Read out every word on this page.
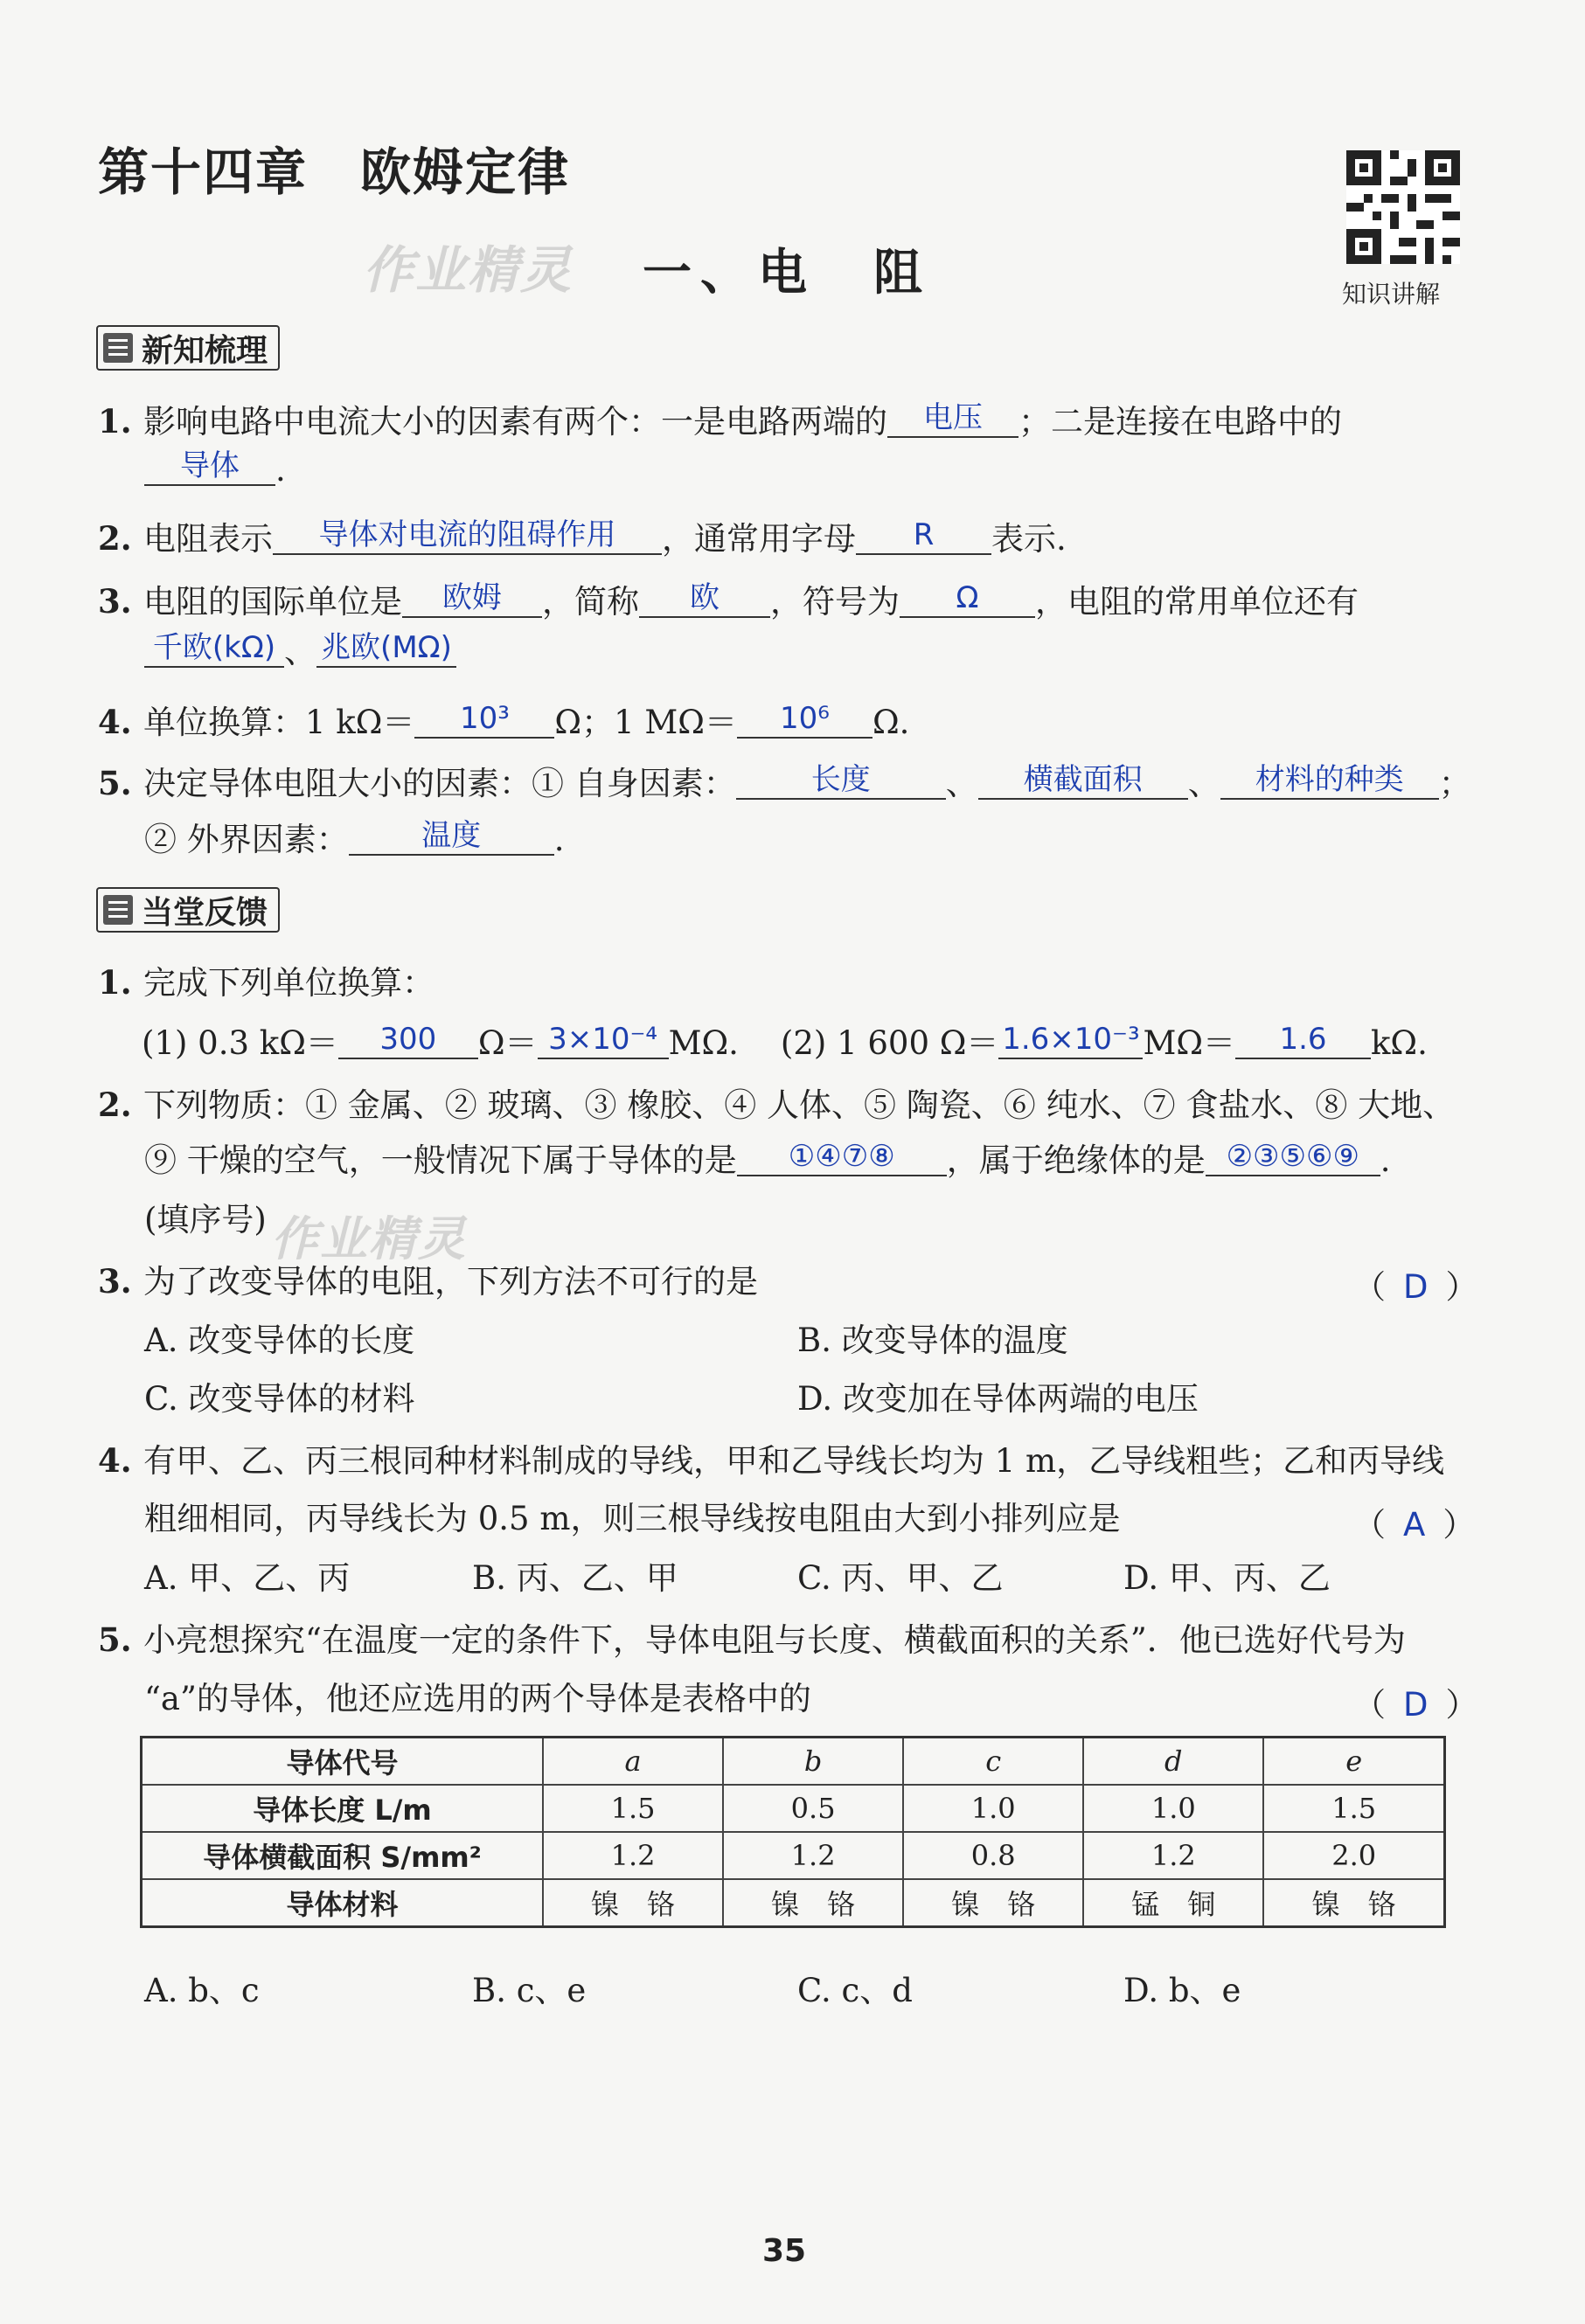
第十四章 欧姆定律
作业精灵 一、电　阻	知识讲解
新知梳理
1. 影响电路中电流大小的因素有两个：一是电路两端的 电压 ；二是连接在电路中的
导体 .
2. 电阻表示 导体对电流的阻碍作用 ，通常用字母 R 表示.
3. 电阻的国际单位是 欧姆 ，简称 欧 ，符号为 Ω ，电阻的常用单位还有
千欧(kΩ) 、 兆欧(MΩ)
4. 单位换算：1 kΩ＝ 10³ Ω；1 MΩ＝ 10⁶ Ω.
5. 决定导体电阻大小的因素：① 自身因素：	长度 、 横截面积 、 材料的种类 ；
② 外界因素： 温度 .
当堂反馈
1. 完成下列单位换算：
(1) 0.3 kΩ＝ 300 Ω＝ 3×10⁻⁴ MΩ. (2) 1 600 Ω＝ 1.6×10⁻³ MΩ＝ 1.6 kΩ.
2. 下列物质：① 金属、② 玻璃、③ 橡胶、④ 人体、⑤ 陶瓷、⑥ 纯水、⑦ 食盐水、⑧ 大地、
⑨ 干燥的空气，一般情况下属于导体的是 ①④⑦⑧ ，属于绝缘体的是 ②③⑤⑥⑨ .
(填序号) 作业精灵
3. 为了改变导体的电阻，下列方法不可行的是	（ D ）
A. 改变导体的长度	B. 改变导体的温度
C. 改变导体的材料	D. 改变加在导体两端的电压
4. 有甲、乙、丙三根同种材料制成的导线，甲和乙导线长均为 1 m，乙导线粗些；乙和丙导线
粗细相同，丙导线长为 0.5 m，则三根导线按电阻由大到小排列应是	（ A ）
A. 甲、乙、丙	B. 丙、乙、甲	C. 丙、甲、乙	D. 甲、丙、乙
5. 小亮想探究“在温度一定的条件下，导体电阻与长度、横截面积的关系”．他已选好代号为
“a”的导体，他还应选用的两个导体是表格中的	（ D ）
导体代号	a	b	c	d	e
导体长度 L/m	1.5	0.5	1.0	1.0	1.5
导体横截面积 S/mm²	1.2	1.2	0.8	1.2	2.0
导体材料	镍　铬	镍　铬	镍　铬	锰　铜	镍　铬
A. b、c	B. c、e	C. c、d	D. b、e
35
